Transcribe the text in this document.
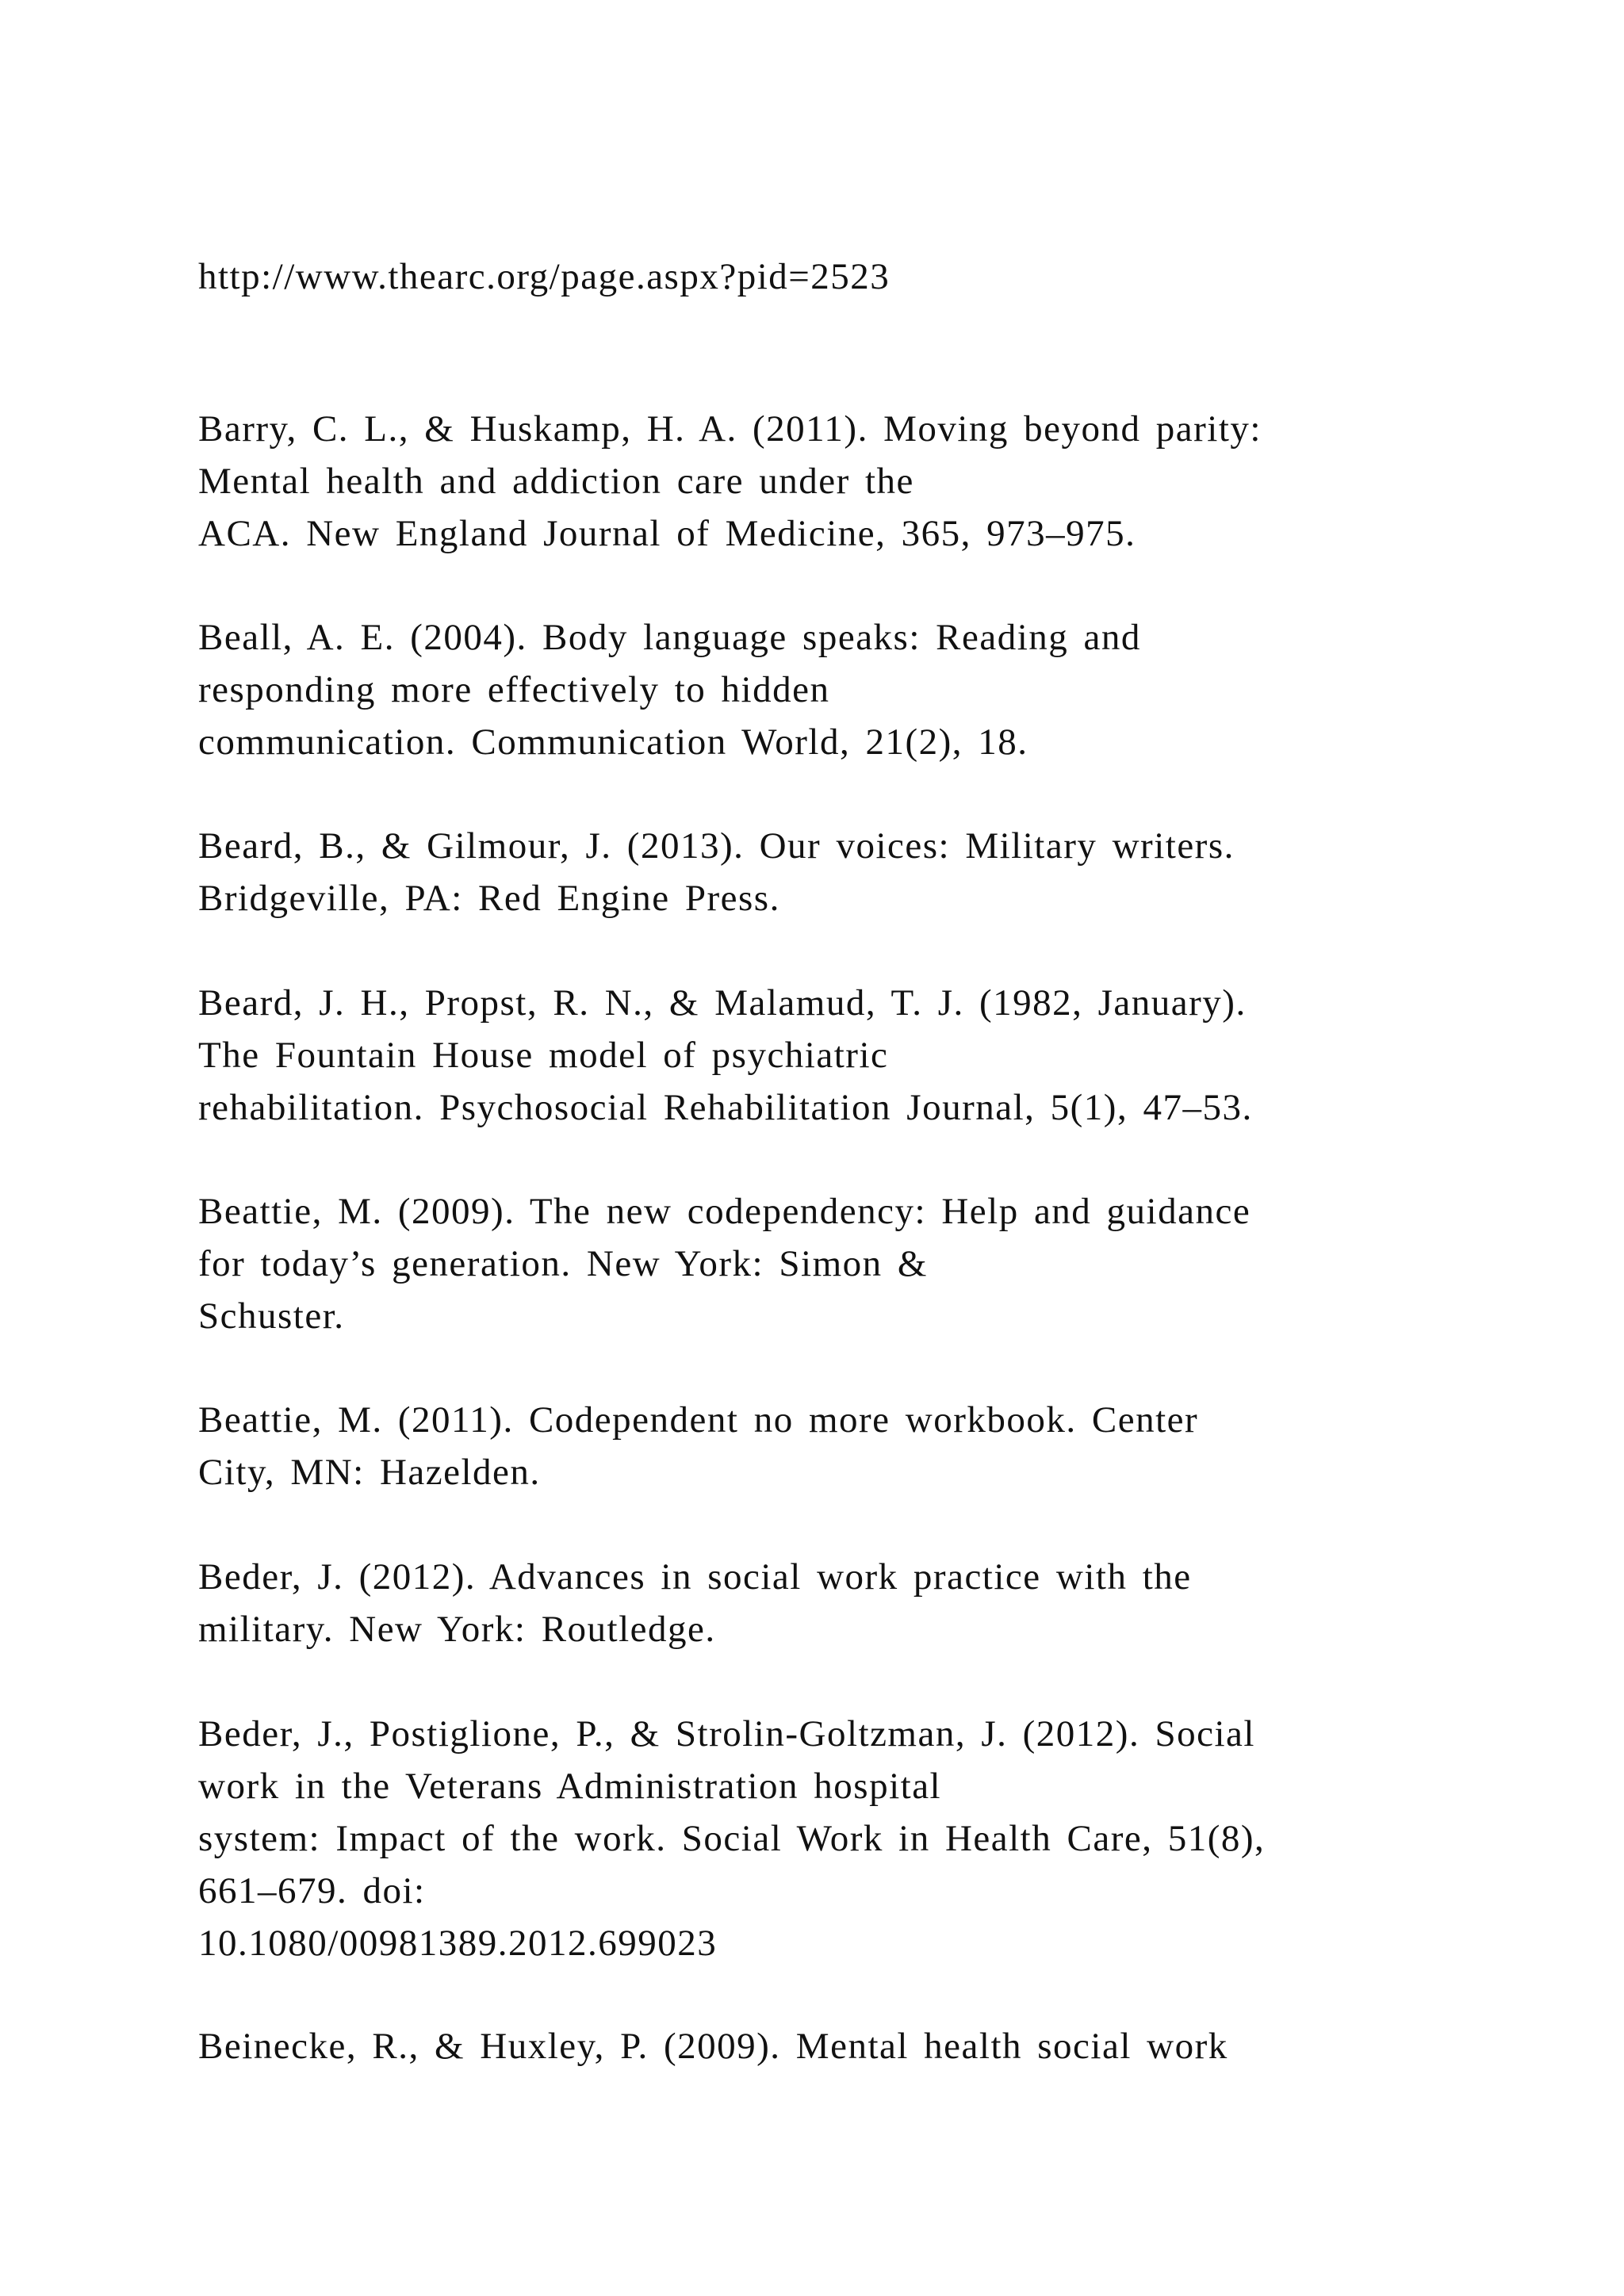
http://www.thearc.org/page.aspx?pid=2523
Barry, C. L., & Huskamp, H. A. (2011). Moving beyond parity:
Mental health and addiction care under the
ACA. New England Journal of Medicine, 365, 973–975.
Beall, A. E. (2004). Body language speaks: Reading and
responding more effectively to hidden
communication. Communication World, 21(2), 18.
Beard, B., & Gilmour, J. (2013). Our voices: Military writers.
Bridgeville, PA: Red Engine Press.
Beard, J. H., Propst, R. N., & Malamud, T. J. (1982, January).
The Fountain House model of psychiatric
rehabilitation. Psychosocial Rehabilitation Journal, 5(1), 47–53.
Beattie, M. (2009). The new codependency: Help and guidance
for today’s generation. New York: Simon &
Schuster.
Beattie, M. (2011). Codependent no more workbook. Center
City, MN: Hazelden.
Beder, J. (2012). Advances in social work practice with the
military. New York: Routledge.
Beder, J., Postiglione, P., & Strolin-Goltzman, J. (2012). Social
work in the Veterans Administration hospital
system: Impact of the work. Social Work in Health Care, 51(8),
661–679. doi:
10.1080/00981389.2012.699023
Beinecke, R., & Huxley, P. (2009). Mental health social work
